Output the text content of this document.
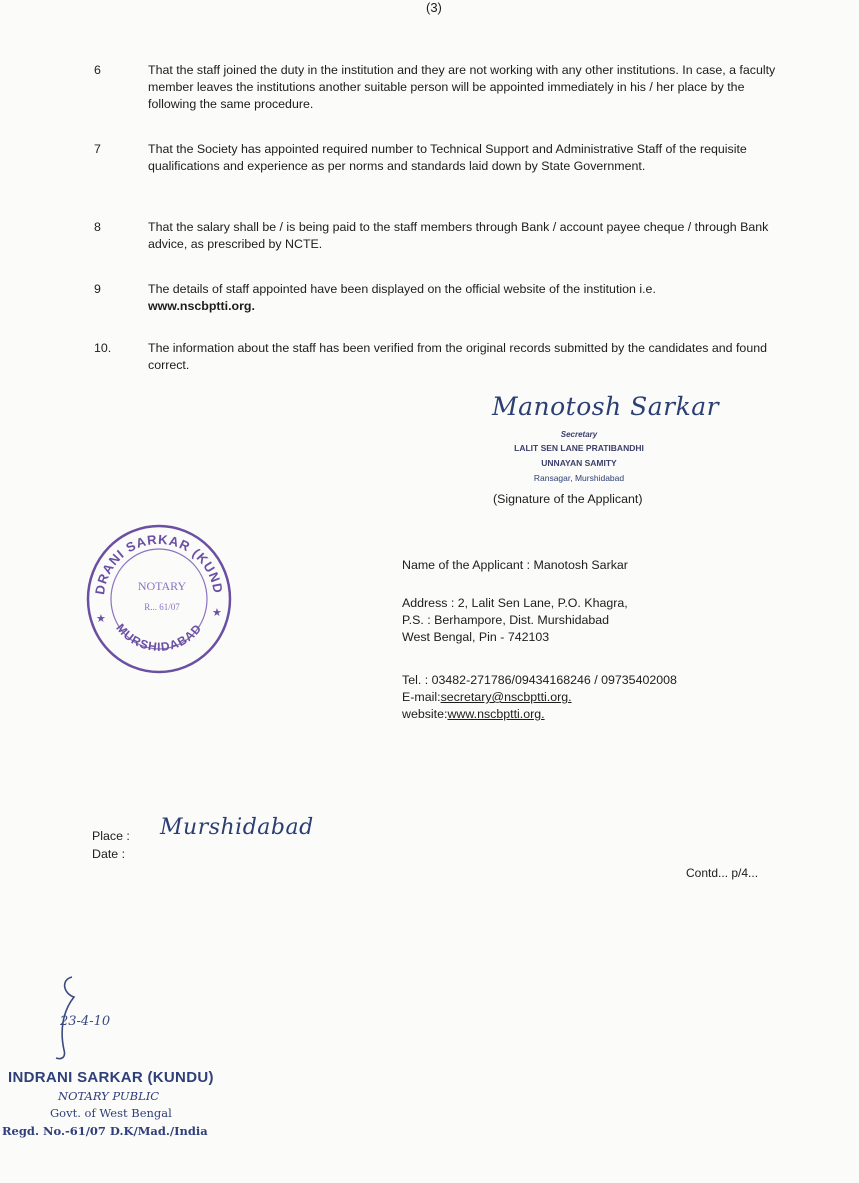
(3)
6	That the staff joined the duty in the institution and they are not working with any other institutions. In case, a faculty member leaves the institutions another suitable person will be appointed immediately in his / her place by the following the same procedure.
7	That the Society has appointed required number to Technical Support and Administrative Staff of the requisite qualifications and experience as per norms and standards laid down by State Government.
8	That the salary shall be / is being paid to the staff members through Bank / account payee cheque / through Bank advice, as prescribed by NCTE.
9	The details of staff appointed have been displayed on the official website of the institution i.e.
www.nscbptti.org.
10.	The information about the staff has been verified from the original records submitted by the candidates and found correct.
Manotosh Sarkar
Secretary
LALIT SEN LANE PRATIBANDHI
UNNAYAN SAMITY
Ransagar, Murshidabad
(Signature of the Applicant)
DRANI SARKAR (KUND
MURSHIDABAD
NOTARY
R... 61/07
★	★
Name of the Applicant : Manotosh Sarkar
Address : 2, Lalit Sen Lane, P.O. Khagra,
P.S. : Berhampore, Dist. Murshidabad
West Bengal, Pin - 742103
Tel. : 03482-271786/09434168246 / 09735402008
E-mail:secretary@nscbptti.org.
website:www.nscbptti.org.
Place : Murshidabad
Date :
Contd... p/4...
23-4-10
INDRANI SARKAR (KUNDU)
NOTARY PUBLIC
Govt. of West Bengal
Regd. No.-61/07 D.K/Mad./India
